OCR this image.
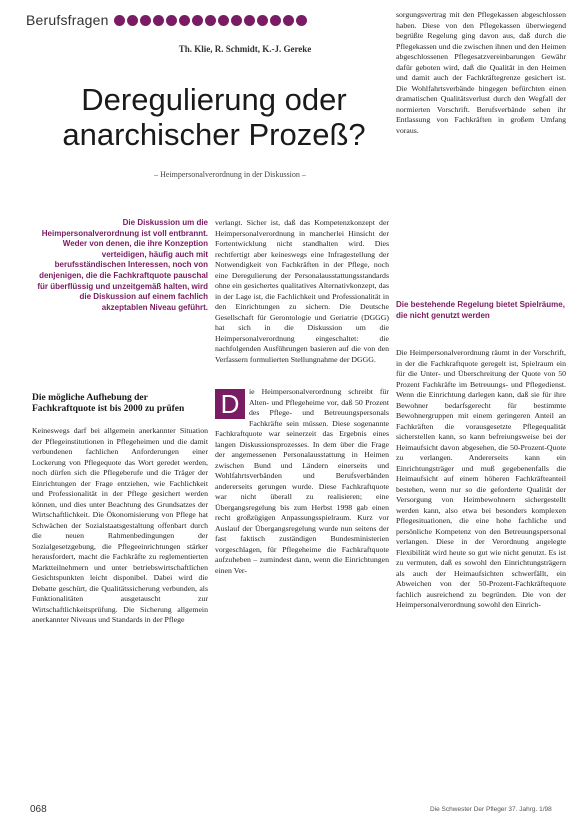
Berufsfragen
Th. Klie, R. Schmidt, K.-J. Gereke
Deregulierung oder
anarchischer Prozeß?
– Heimpersonalverordnung in der Diskussion –
Die Diskussion um die Heimpersonalverordnung ist voll entbrannt. Weder von denen, die ihre Konzeption verteidigen, häufig auch mit berufsständischen Interessen, noch von denjenigen, die die Fachkraftquote pauschal für überflüssig und unzeitgemäß halten, wird die Diskussion auf einem fachlich akzeptablen Niveau geführt.
Die mögliche Aufhebung der Fachkraftquote ist bis 2000 zu prüfen

Keineswegs darf bei allgemein anerkannter Situation der Pflegeinstitutionen in Pflegeheimen und die damit verbundenen fachlichen Anforderungen einer Lockerung von Pflegequote das Wort geredet werden, noch dürfen sich die Pflegeberufe und die Träger der Einrichtungen der Frage entziehen, wie Fachlichkeit und Professionalität in der Pflege gesichert werden können, und dies unter Beachtung des Grundsatzes der Wirtschaftlichkeit. Die Ökonomisierung von Pflege hat Schwächen der Sozialstaatsgestaltung offenbart durch die neuen Rahmenbedingungen der Sozialgesetzgebung, die Pflegeeinrichtungen stärker herausfordert, macht die Fachkräfte zu reglementierten Marktteilnehmern und unter betriebswirtschaftlichen Gesichtspunkten leicht disponibel. Dabei wird die Debatte geschürt, die Qualitätssicherung verbunden, als Funktionalitäten ausgetauscht zur Wirtschaftlichkeitsprüfung. Die Sicherung allgemein anerkannter Niveaus und Standards in der Pflege

verlangt. Sicher ist, daß das Kompetenzkonzept der Heimpersonalverordnung in mancherlei Hinsicht der Fortentwicklung nicht standhalten wird. Dies rechtfertigt aber keineswegs eine Infragestellung der Notwendigkeit von Fachkräften in der Pflege, noch eine Deregulierung der Personalausstattungsstandards ohne ein gesichertes qualitatives Alternativkonzept, das in der Lage ist, die Fachlichkeit und Professionalität in den Einrichtungen zu sichern. Die Deutsche Gesellschaft für Gerontologie und Geriatrie (DGGG) hat sich in die Diskussion um die Heimpersonalverordnung eingeschaltet: die nachfolgenden Ausführungen basieren auf die von den Verfassern formulierten Stellungnahme der DGGG.

D	ie Heimpersonalverordnung schreibt für Alten- und Pflegeheime vor, daß 50 Prozent des Pflege- und Betreuungspersonals Fachkräfte sein müssen. Diese sogenannte Fachkraftquote war seinerzeit das Ergebnis eines langen Diskussionsprozesses. In dem über die Frage der angemessenen Personalausstattung in Heimen zwischen Bund und Ländern einerseits und Wohlfahrtsverbänden und Berufsverbänden andererseits gerungen wurde. Diese Fachkraftquote war nicht überall zu realisieren; eine Übergangsregelung bis zum Herbst 1998 gab einen recht großzügigen Anpassungsspielraum. Kurz vor Auslauf der Übergangsregelung wurde nun seitens der fast faktisch zuständigen Bundesministerien vorgeschlagen, für Pflegeheime die Fachkraftquote aufzuheben – zumindest dann, wenn die Einrichtungen einen Ver-

sorgungsvertrag mit den Pflegekassen abgeschlossen haben. Diese von den Pflegekassen überwiegend begrüßte Regelung ging davon aus, daß durch die Pflegekassen und die zwischen ihnen und den Heimen abgeschlossenen Pflegesatzvereinbarungen Gewähr dafür geboten wird, daß die Qualität in den Heimen und damit auch der Fachkräftegrenze gesichert ist. Die Wohlfahrtsverbände hingegen befürchten einen dramatischen Qualitätsverlust durch den Wegfall der normierten Vorschrift. Berufsverbände sehen ihr Entlassung von Fachkräften in großem Umfang voraus.

Die bestehende Regelung bietet Spielräume, die nicht genutzt werden

Die Heimpersonalverordnung räumt in der Vorschrift, in der die Fachkraftquote geregelt ist, Spielraum ein für die Unter- und Überschreitung der Quote von 50 Prozent Fachkräfte im Betreuungs- und Pflegedienst. Wenn die Einrichtung darlegen kann, daß sie für ihre Bewohner bedarfsgerecht für bestimmte Bewohnergruppen mit einem geringeren Anteil an Fachkräften die vorausgesetzte Pflegequalität sicherstellen kann, so kann befreiungsweise bei der Heimaufsicht davon abgesehen, die 50-Prozent-Quote zu verlangen. Andererseits kann ein Einrichtungsträger und muß gegebenenfalls die Heimaufsicht auf einem höheren Fachkräfteanteil bestehen, wenn nur so die geforderte Qualität der Versorgung von Heimbewohnern sichergestellt werden kann, also etwa bei besonders komplexen Pflegesituationen, die eine hohe fachliche und persönliche Kompetenz von den Betreuungspersonal verlangen. Diese in der Verordnung angelegte Flexibilität wird heute so gut wie nicht genutzt. Es ist zu vermuten, daß es sowohl den Einrichtungsträgern als auch der Heimaufsichten schwerfällt, ein Abweichen von der 50-Prozent-Fachkräftequote fachlich ausreichend zu begründen. Die von der Heimpersonalverordnung sowohl den Einrich-

068	Die Schwester Der Pfleger 37. Jahrg. 1/98
